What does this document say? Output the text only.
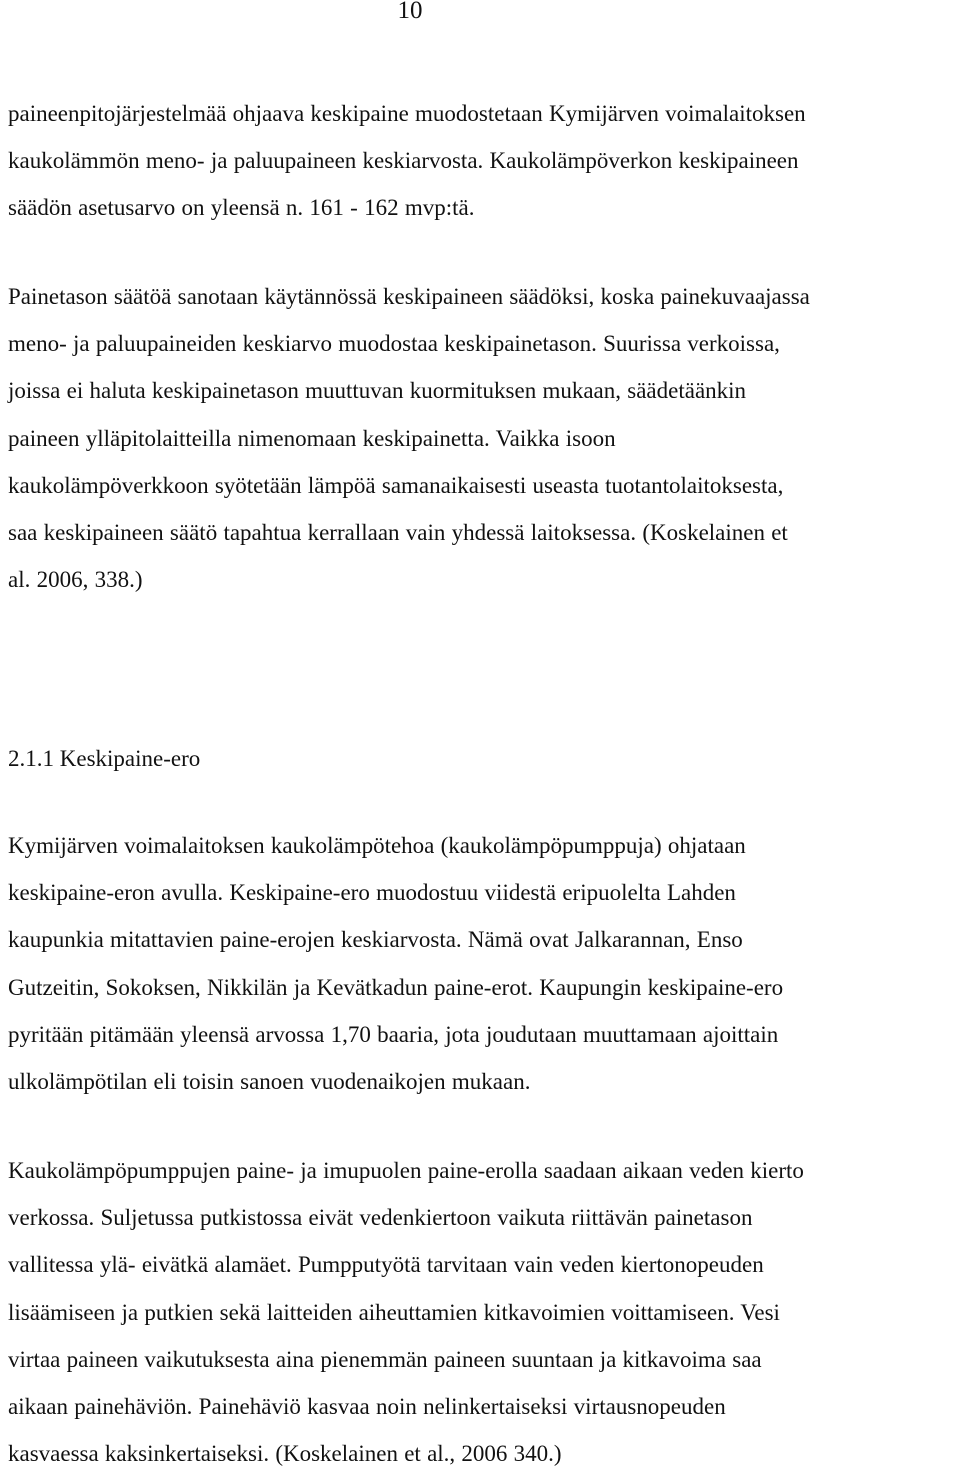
10

paineenpitojärjestelmää ohjaava keskipaine muodostetaan Kymijärven voimalaitoksen
kaukolämmön meno- ja paluupaineen keskiarvosta. Kaukolämpöverkon keskipaineen
säädön asetusarvo on yleensä n. 161 - 162 mvp:tä.

Painetason säätöä sanotaan käytännössä keskipaineen säädöksi, koska painekuvaajassa
meno- ja paluupaineiden keskiarvo muodostaa keskipainetason. Suurissa verkoissa,
joissa ei haluta keskipainetason muuttuvan kuormituksen mukaan, säädetäänkin
paineen ylläpitolaitteilla nimenomaan keskipainetta. Vaikka isoon
kaukolämpöverkkoon syötetään lämpöä samanaikaisesti useasta tuotantolaitoksesta,
saa keskipaineen säätö tapahtua kerrallaan vain yhdessä laitoksessa. (Koskelainen et
al. 2006, 338.)

2.1.1 Keskipaine-ero

Kymijärven voimalaitoksen kaukolämpötehoa (kaukolämpöpumppuja) ohjataan
keskipaine-eron avulla. Keskipaine-ero muodostuu viidestä eripuolelta Lahden
kaupunkia mitattavien paine-erojen keskiarvosta. Nämä ovat Jalkarannan, Enso
Gutzeitin, Sokoksen, Nikkilän ja Kevätkadun paine-erot. Kaupungin keskipaine-ero
pyritään pitämään yleensä arvossa 1,70 baaria, jota joudutaan muuttamaan ajoittain
ulkolämpötilan eli toisin sanoen vuodenaikojen mukaan.

Kaukolämpöpumppujen paine- ja imupuolen paine-erolla saadaan aikaan veden kierto
verkossa. Suljetussa putkistossa eivät vedenkiertoon vaikuta riittävän painetason
vallitessa ylä- eivätkä alamäet. Pumpputyötä tarvitaan vain veden kiertonopeuden
lisäämiseen ja putkien sekä laitteiden aiheuttamien kitkavoimien voittamiseen. Vesi
virtaa paineen vaikutuksesta aina pienemmän paineen suuntaan ja kitkavoima saa
aikaan painehäviön. Painehäviö kasvaa noin nelinkertaiseksi virtausnopeuden
kasvaessa kaksinkertaiseksi. (Koskelainen et al., 2006 340.)
